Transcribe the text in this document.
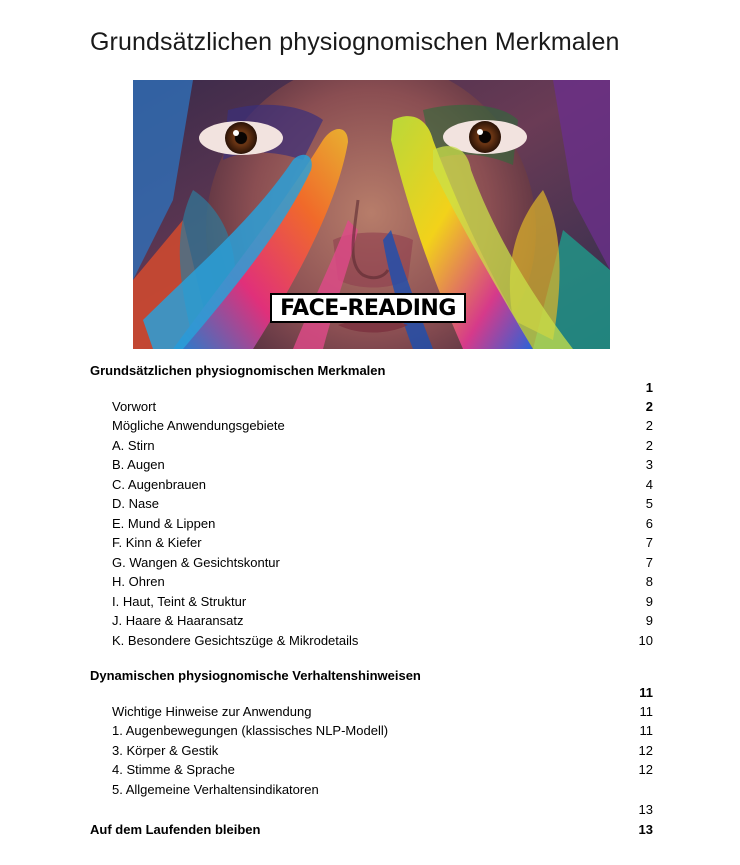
Grundsätzlichen physiognomischen Merkmalen
FACE-READING
Grundsätzlichen physiognomischen Merkmalen
1
Vorwort	2
Mögliche Anwendungsgebiete	2
A. Stirn	2
B. Augen	3
C. Augenbrauen	4
D. Nase	5
E. Mund & Lippen	6
F. Kinn & Kiefer	7
G. Wangen & Gesichtskontur	7
H. Ohren	8
I. Haut, Teint & Struktur	9
J. Haare & Haaransatz	9
K. Besondere Gesichtszüge & Mikrodetails	10
Dynamischen physiognomische Verhaltenshinweisen
11
Wichtige Hinweise zur Anwendung	11
1. Augenbewegungen (klassisches NLP-Modell)	11
3. Körper & Gestik	12
4. Stimme & Sprache	12
5. Allgemeine Verhaltensindikatoren
13
Auf dem Laufenden bleiben	13
